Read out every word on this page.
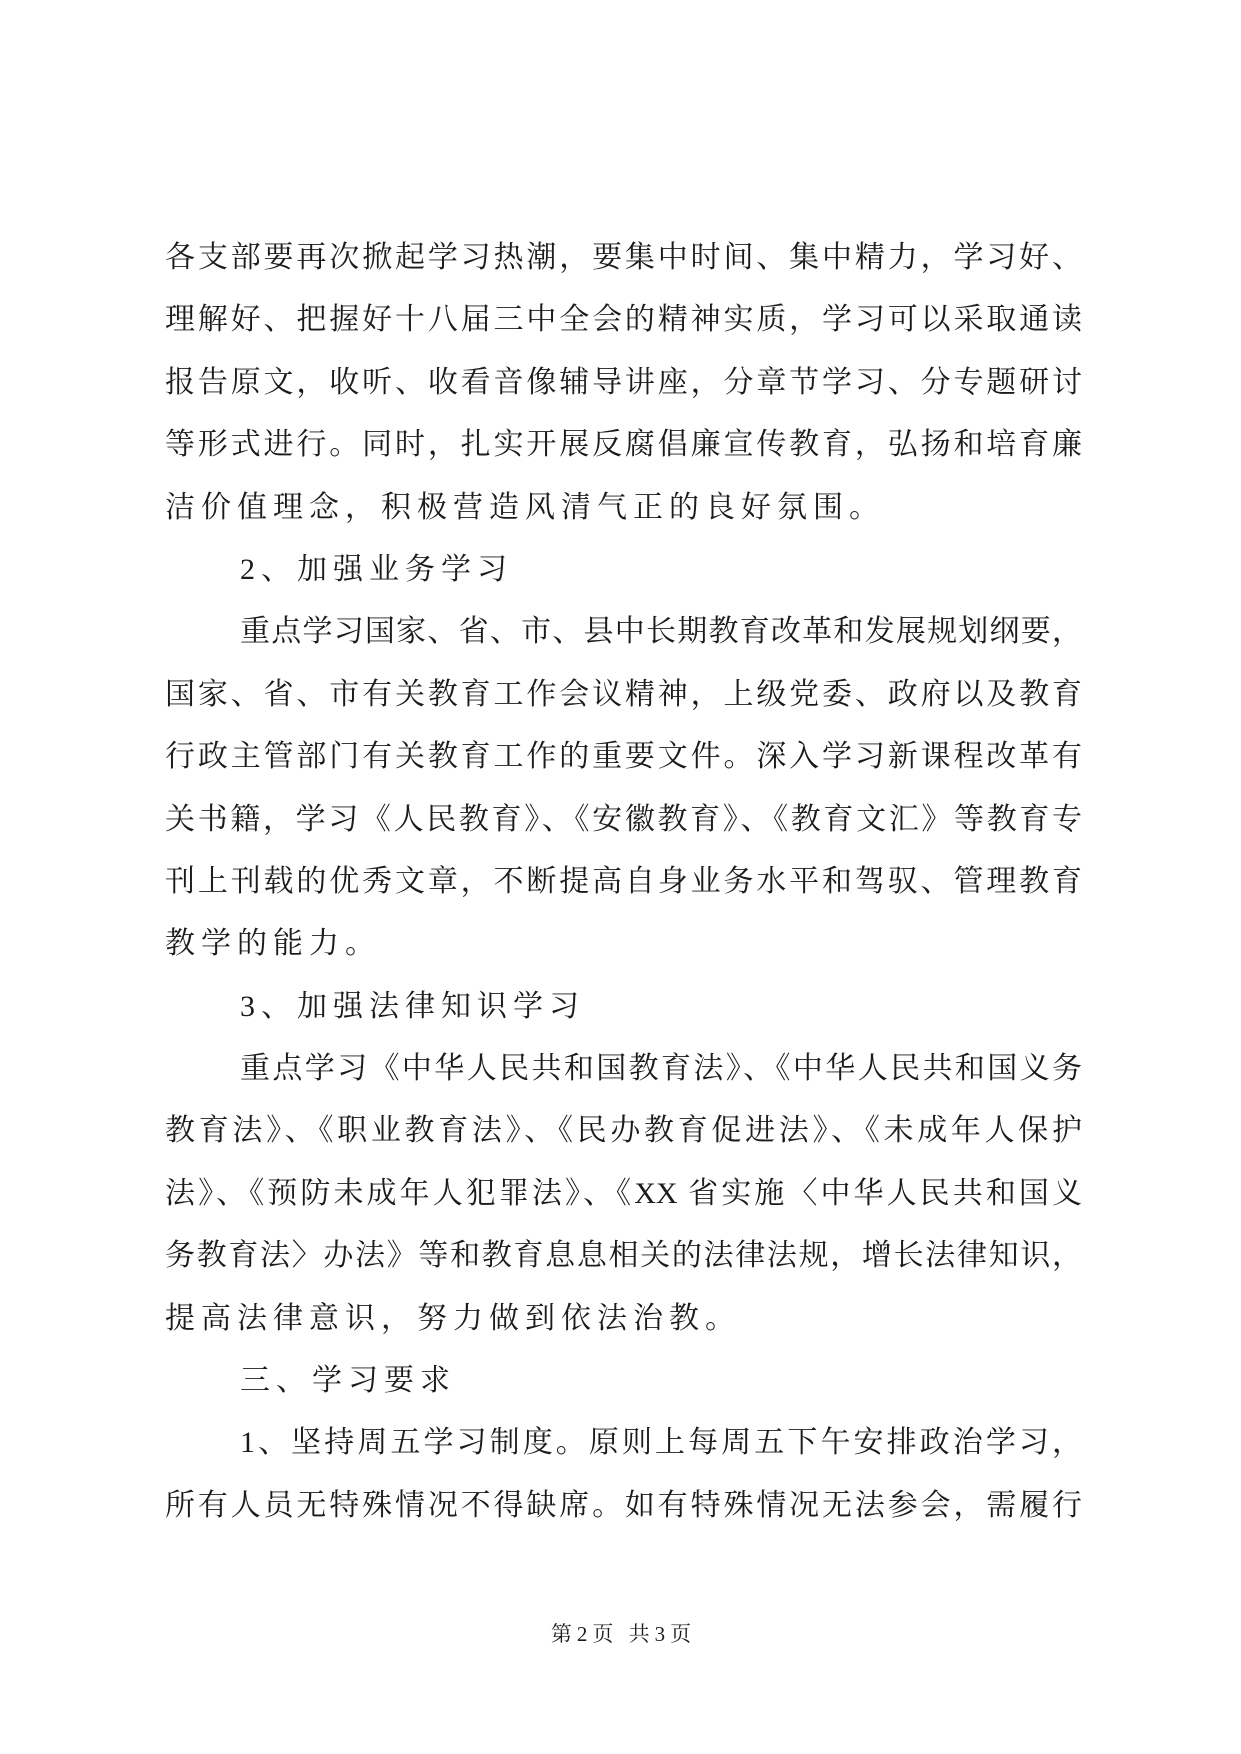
各支部要再次掀起学习热潮，要集中时间、集中精力，学习好、
理解好、把握好十八届三中全会的精神实质，学习可以采取通读
报告原文，收听、收看音像辅导讲座，分章节学习、分专题研讨
等形式进行。同时，扎实开展反腐倡廉宣传教育，弘扬和培育廉
洁价值理念，积极营造风清气正的良好氛围。
2、加强业务学习
重点学习国家、省、市、县中长期教育改革和发展规划纲要，
国家、省、市有关教育工作会议精神，上级党委、政府以及教育
行政主管部门有关教育工作的重要文件。深入学习新课程改革有
关书籍，学习《人民教育》、《安徽教育》、《教育文汇》等教育专
刊上刊载的优秀文章，不断提高自身业务水平和驾驭、管理教育
教学的能力。
3、加强法律知识学习
重点学习《中华人民共和国教育法》、《中华人民共和国义务
教育法》、《职业教育法》、《民办教育促进法》、《未成年人保护
法》、《预防未成年人犯罪法》、《XX 省实施〈中华人民共和国义
务教育法〉办法》等和教育息息相关的法律法规，增长法律知识，
提高法律意识，努力做到依法治教。
三、学习要求
1、坚持周五学习制度。原则上每周五下午安排政治学习，
所有人员无特殊情况不得缺席。如有特殊情况无法参会，需履行
第2页 共3页
